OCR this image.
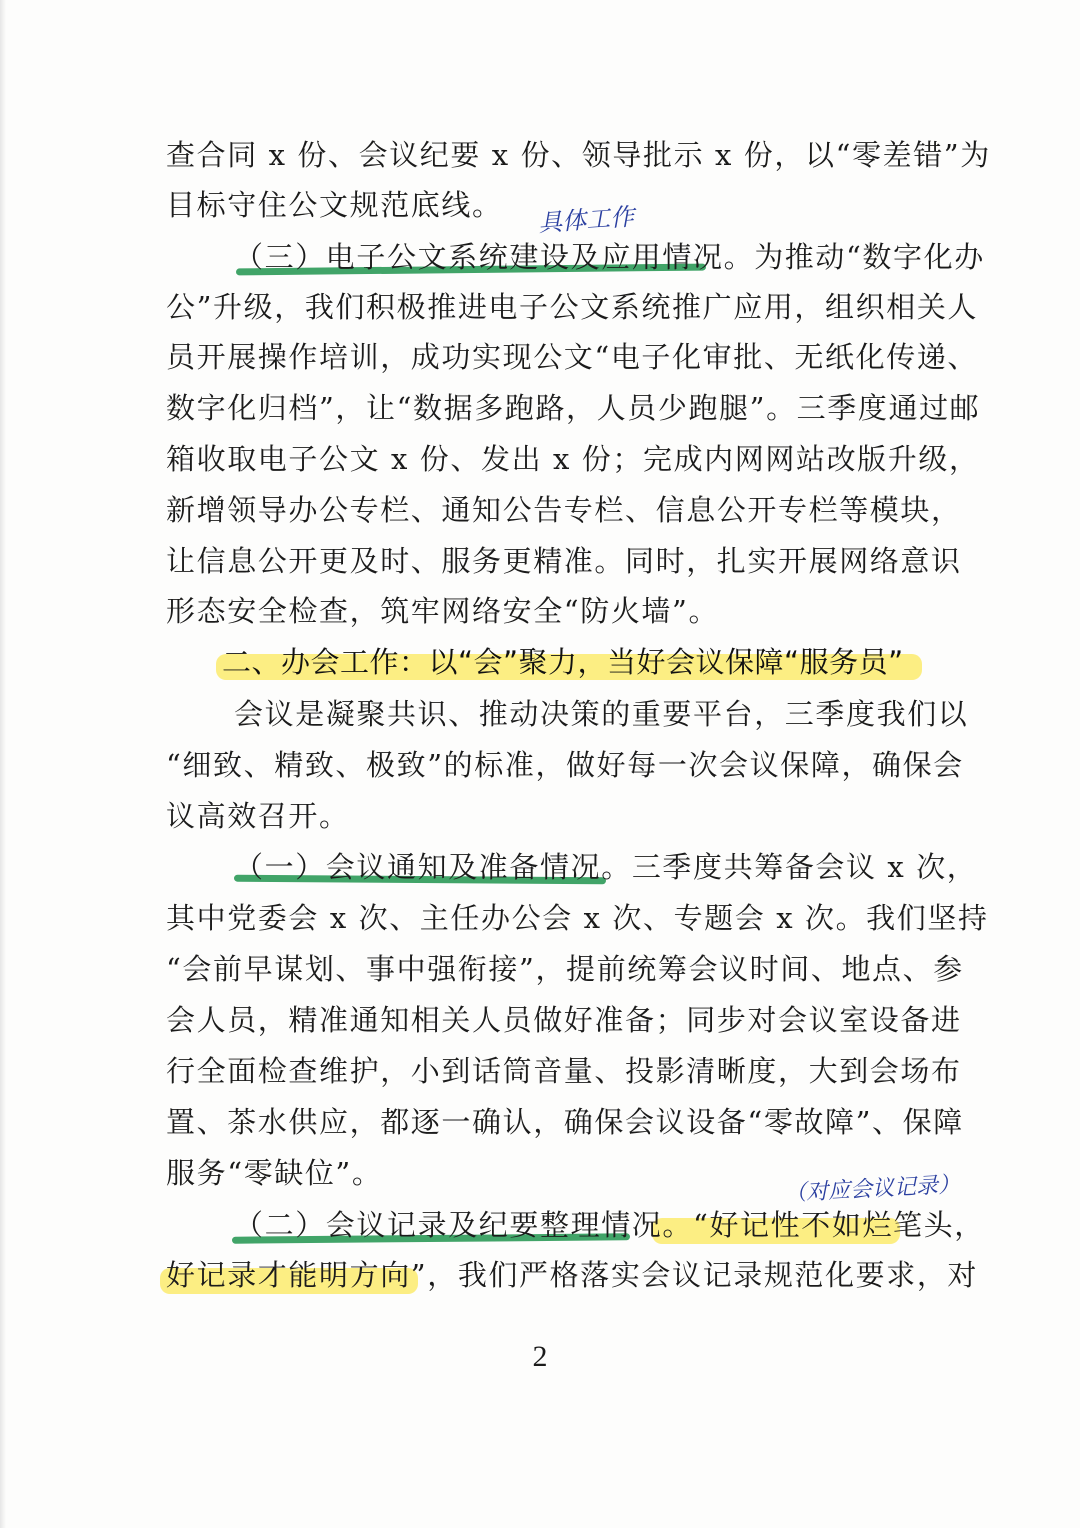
查合同 x 份、会议纪要 x 份、领导批示 x 份，以“零差错”为
目标守住公文规范底线。	具体工作
（三）电子公文系统建设及应用情况。为推动“数字化办
公”升级，我们积极推进电子公文系统推广应用，组织相关人
员开展操作培训，成功实现公文“电子化审批、无纸化传递、
数字化归档”，让“数据多跑路，人员少跑腿”。三季度通过邮
箱收取电子公文 x 份、发出 x 份；完成内网网站改版升级，
新增领导办公专栏、通知公告专栏、信息公开专栏等模块，
让信息公开更及时、服务更精准。同时，扎实开展网络意识
形态安全检查，筑牢网络安全“防火墙”。
二、办会工作：以“会”聚力，当好会议保障“服务员”
会议是凝聚共识、推动决策的重要平台，三季度我们以
“细致、精致、极致”的标准，做好每一次会议保障，确保会
议高效召开。
（一）会议通知及准备情况。三季度共筹备会议 x 次，
其中党委会 x 次、主任办公会 x 次、专题会 x 次。我们坚持
“会前早谋划、事中强衔接”，提前统筹会议时间、地点、参
会人员，精准通知相关人员做好准备；同步对会议室设备进
行全面检查维护，小到话筒音量、投影清晰度，大到会场布
置、茶水供应，都逐一确认，确保会议设备“零故障”、保障
服务“零缺位”。	（对应会议记录）
（二）会议记录及纪要整理情况。“好记性不如烂笔头，
好记录才能明方向”，我们严格落实会议记录规范化要求，对
2
